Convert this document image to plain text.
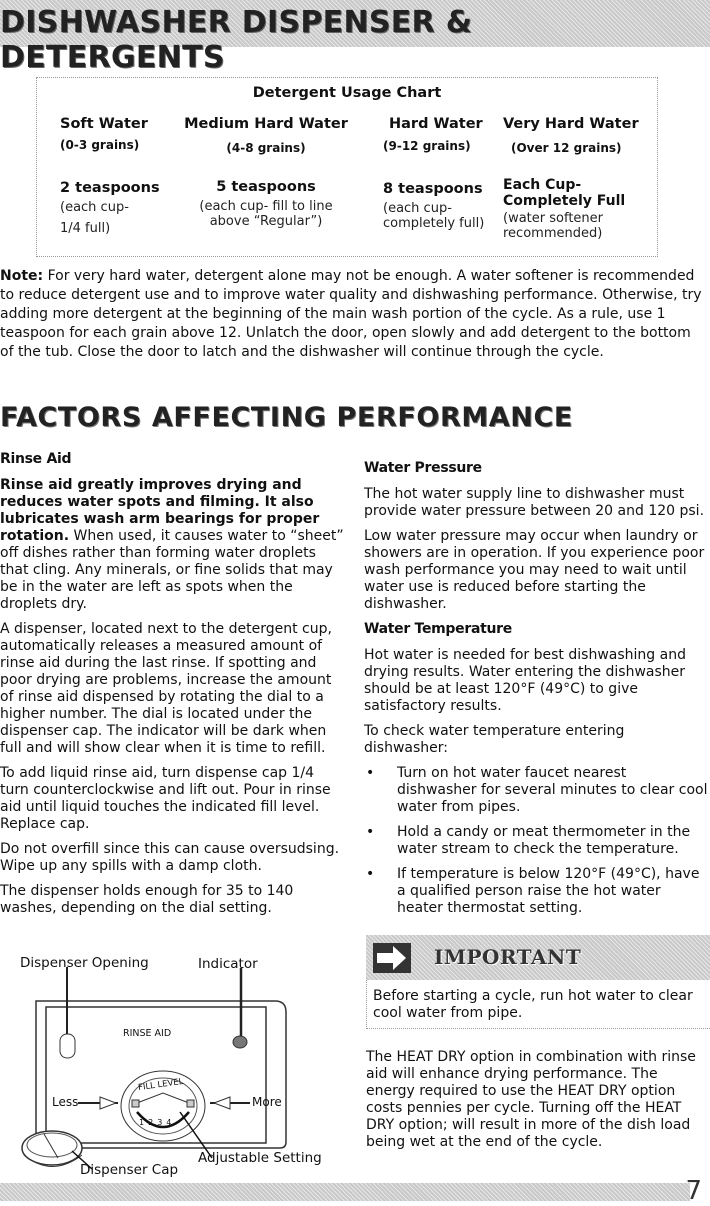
DISHWASHER DISPENSER & DETERGENTS
Detergent Usage Chart
Soft Water
(0-3 grains)
2 teaspoons
(each cup-
1/4 full)
Medium Hard Water
(4-8 grains)
5 teaspoons
(each cup- fill to line
above “Regular”)
Hard Water
(9-12 grains)
8 teaspoons
(each cup-
completely full)
Very Hard Water
(Over 12 grains)
Each Cup-
Completely Full
(water softener
recommended)
Note: For very hard water, detergent alone may not be enough. A water softener is recommended to reduce detergent use and to improve water quality and dishwashing performance. Otherwise, try adding more detergent at the beginning of the main wash portion of the cycle. As a rule, use 1 teaspoon for each grain above 12. Unlatch the door, open slowly and add detergent to the bottom of the tub. Close the door to latch and the dishwasher will continue through the cycle.
FACTORS AFFECTING PERFORMANCE
Rinse Aid

Rinse aid greatly improves drying and reduces water spots and filming. It also lubricates wash arm bearings for proper rotation. When used, it causes water to “sheet” off dishes rather than forming water droplets that cling. Any minerals, or fine solids that may be in the water are left as spots when the droplets dry.

A dispenser, located next to the detergent cup, automatically releases a measured amount of rinse aid during the last rinse. If spotting and poor drying are problems, increase the amount of rinse aid dispensed by rotating the dial to a higher number. The dial is located under the dispenser cap. The indicator will be dark when full and will show clear when it is time to refill.

To add liquid rinse aid, turn dispense cap 1/4 turn counterclockwise and lift out. Pour in rinse aid until liquid touches the indicated fill level. Replace cap.

Do not overfill since this can cause oversudsing. Wipe up any spills with a damp cloth.

The dispenser holds enough for 35 to 140 washes, depending on the dial setting.

Water Pressure

The hot water supply line to dishwasher must provide water pressure between 20 and 120 psi.

Low water pressure may occur when laundry or showers are in operation. If you experience poor wash performance you may need to wait until water use is reduced before starting the dishwasher.

Water Temperature

Hot water is needed for best dishwashing and drying results. Water entering the dishwasher should be at least 120°F (49°C) to give satisfactory results.

To check water temperature entering dishwasher:

• Turn on hot water faucet nearest dishwasher for several minutes to clear cool water from pipes.
• Hold a candy or meat thermometer in the water stream to check the temperature.
• If temperature is below 120°F (49°C), have a qualified person raise the hot water heater thermostat setting.
IMPORTANT
Before starting a cycle, run hot water to clear cool water from pipe.
The HEAT DRY option in combination with rinse aid will enhance drying performance. The energy required to use the HEAT DRY option costs pennies per cycle. Turning off the HEAT DRY option; will result in more of the dish load being wet at the end of the cycle.
Dispenser Opening	Indicator
RINSE AID
FILL LEVEL
Less	More
1234
Adjustable Setting
Dispenser Cap
7
